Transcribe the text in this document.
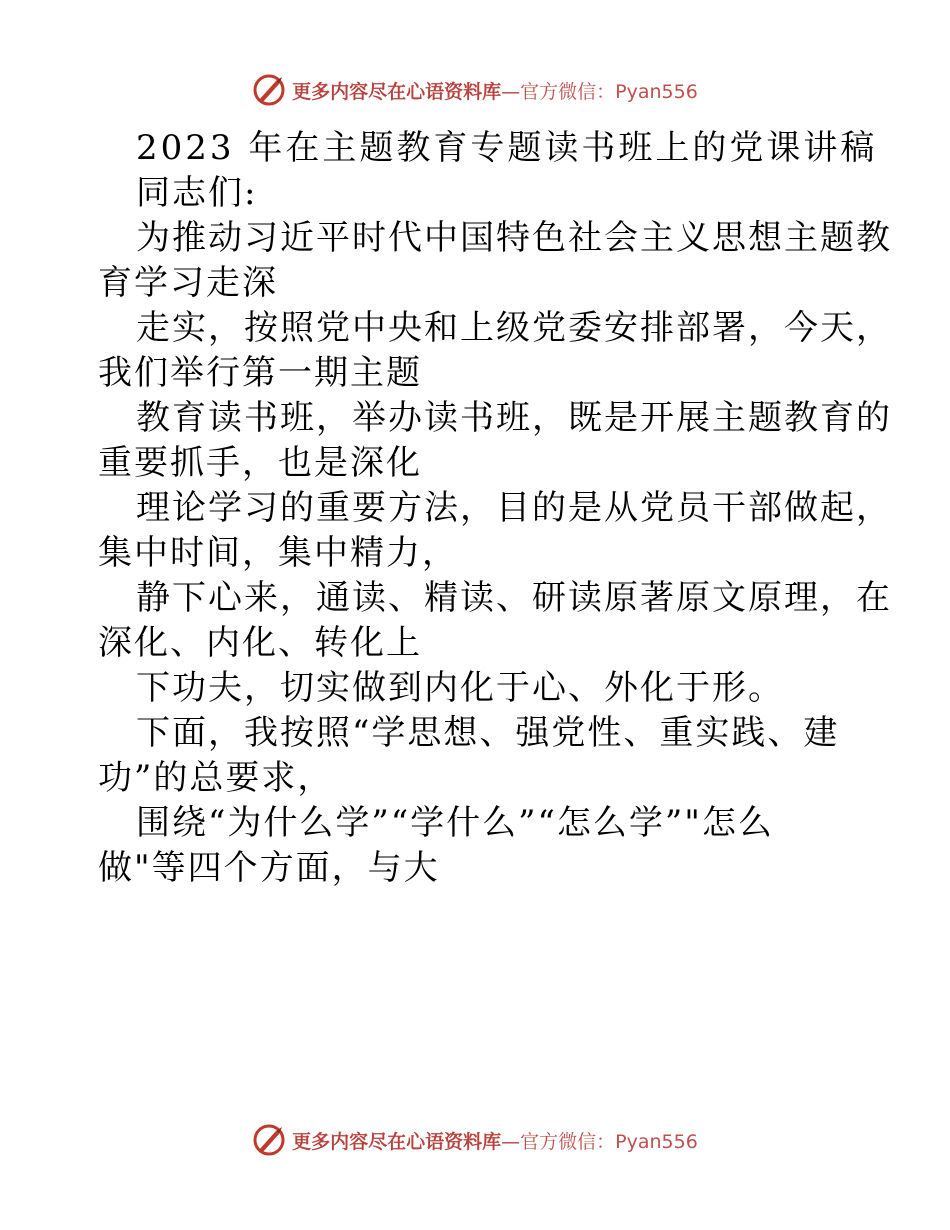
更多内容尽在心语资料库—官方微信：Pyan556
2023 年在主题教育专题读书班上的党课讲稿
同志们:
为推动习近平时代中国特色社会主义思想主题教
育学习走深
走实，按照党中央和上级党委安排部署，今天，
我们举行第一期主题
教育读书班，举办读书班，既是开展主题教育的
重要抓手，也是深化
理论学习的重要方法，目的是从党员干部做起，
集中时间，集中精力，
静下心来，通读、精读、研读原著原文原理，在
深化、内化、转化上
下功夫，切实做到内化于心、外化于形。
下面，我按照“学思想、强党性、重实践、建
功”的总要求，
围绕“为什么学”“学什么”“怎么学”"怎么
做"等四个方面，与大
更多内容尽在心语资料库—官方微信：Pyan556
